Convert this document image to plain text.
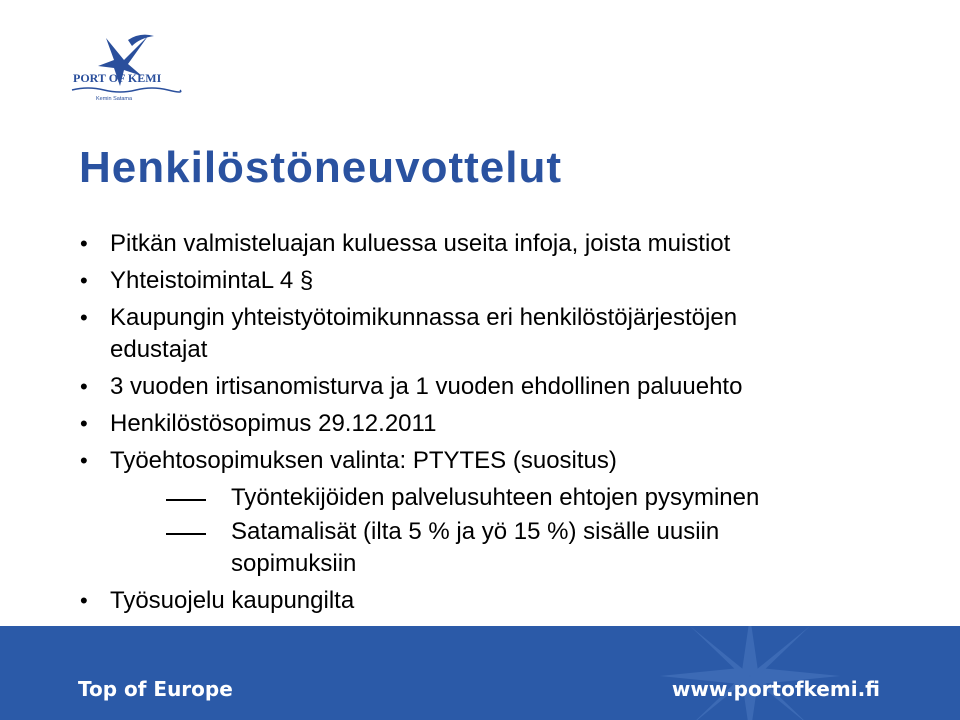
PORT OF KEMI
Kemin Satama
Henkilöstöneuvottelut
• Pitkän valmisteluajan kuluessa useita infoja, joista muistiot
• YhteistoimintaL 4 §
• Kaupungin yhteistyötoimikunnassa eri henkilöstöjärjestöjen edustajat
• 3 vuoden irtisanomisturva ja 1 vuoden ehdollinen paluuehto
• Henkilöstösopimus 29.12.2011
• Työehtosopimuksen valinta: PTYTES (suositus)
Työntekijöiden palvelusuhteen ehtojen pysyminen
Satamalisät (ilta 5 % ja yö 15 %) sisälle uusiin sopimuksiin
• Työsuojelu kaupungilta
Top of Europe	www.portofkemi.fi
